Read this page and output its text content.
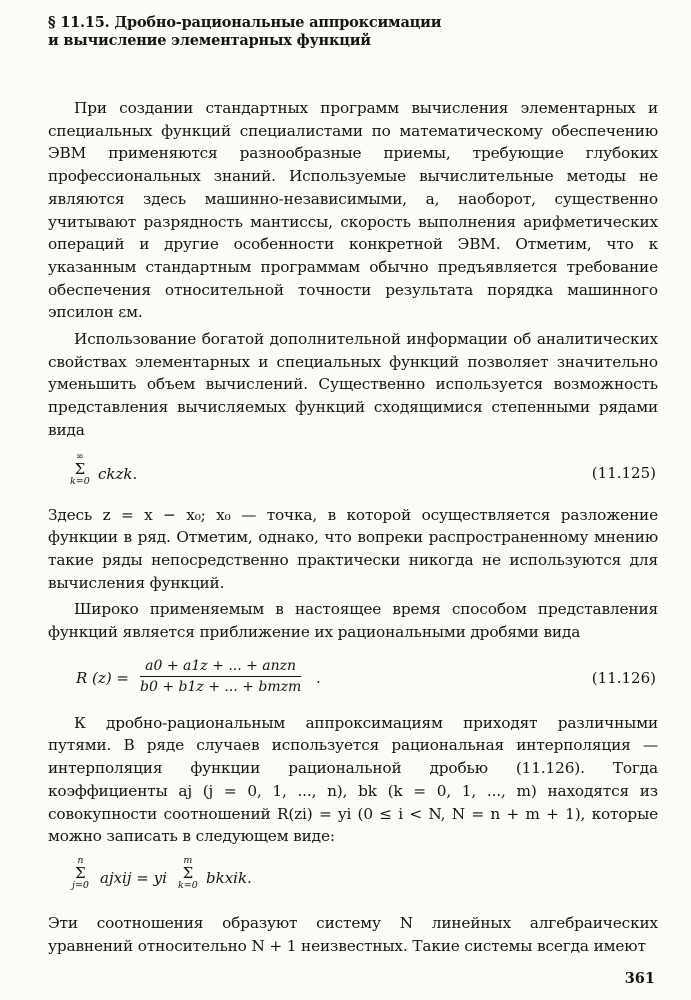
§ 11.15. Дробно-рациональные аппроксимации
и вычисление элементарных функций

При создании стандартных программ вычисления элементарных и специальных функций специалистами по математическому обеспечению ЭВМ применяются разнообразные приемы, требующие глубоких профессиональных знаний. Используемые вычислительные методы не являются здесь машинно-независимыми, а, наоборот, существенно учитывают разрядность мантиссы, скорость выполнения арифметических операций и другие особенности конкретной ЭВМ. Отметим, что к указанным стандартным программам обычно предъявляется требование обеспечения относительной точности результата порядка машинного эпсилон εм.

Использование богатой дополнительной информации об аналитических свойствах элементарных и специальных функций позволяет значительно уменьшить объем вычислений. Существенно используется возможность представления вычисляемых функций сходящимися степенными рядами вида

∞
Σ
k=0 ckzk.	(11.125)

Здесь z = x − x₀; x₀ — точка, в которой осуществляется разложение функции в ряд. Отметим, однако, что вопреки распространенному мнению такие ряды непосредственно практически никогда не используются для вычисления функций.

Широко применяемым в настоящее время способом представления функций является приближение их рациональными дробями вида

R (z) =
a0 + a1z + ... + anzn
b0 + b1z + ... + bmzm .	(11.126)

К дробно-рациональным аппроксимациям приходят различными путями. В ряде случаев используется рациональная интерполяция — интерполяция функции рациональной дробью (11.126). Тогда коэффициенты aj (j = 0, 1, ..., n), bk (k = 0, 1, ..., m) находятся из совокупности соотношений R(zi) = yi (0 ≤ i < N, N = n + m + 1), которые можно записать в следующем виде:

n
Σ
j=0 ajxij = yi
m
Σ
k=0 bkxik.

Эти соотношения образуют систему N линейных алгебраических уравнений относительно N + 1 неизвестных. Такие системы всегда имеют

361
